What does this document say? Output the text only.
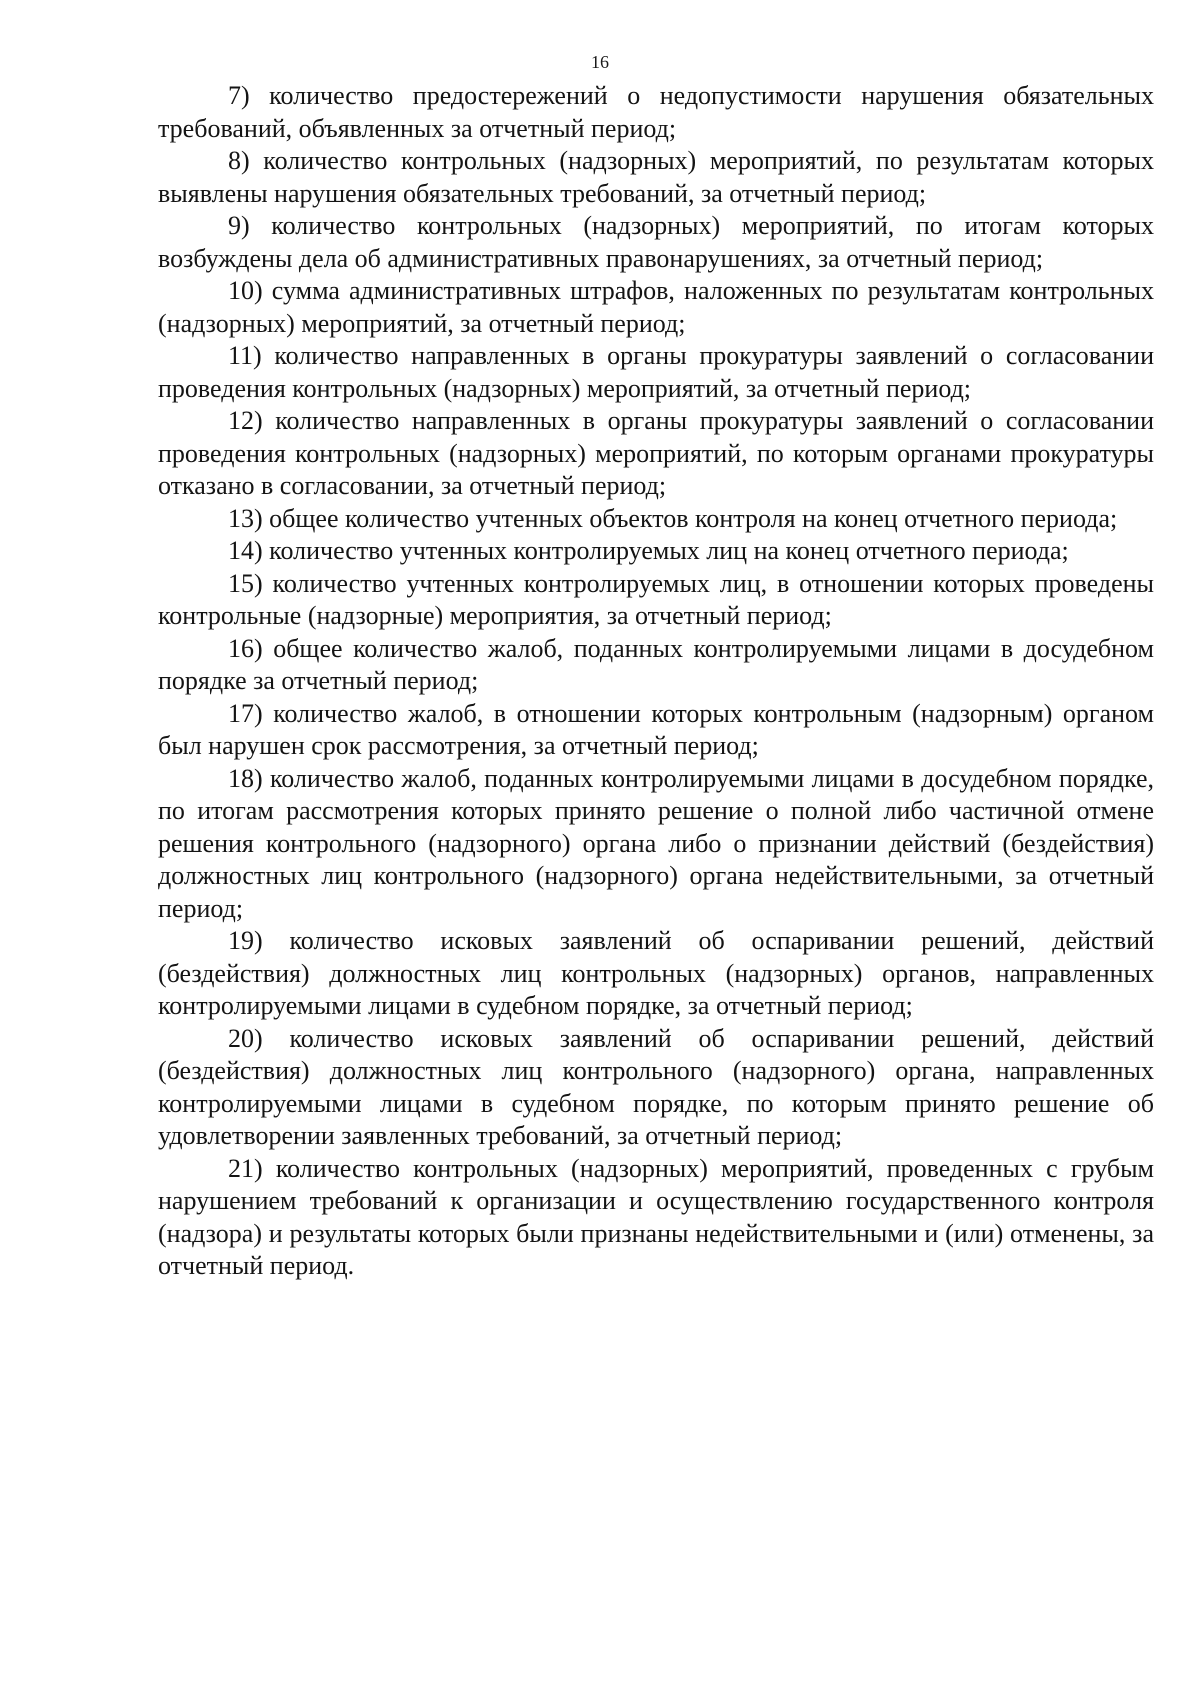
16

7) количество предостережений о недопустимости нарушения обязательных требований, объявленных за отчетный период;

8) количество контрольных (надзорных) мероприятий, по результатам которых выявлены нарушения обязательных требований, за отчетный период;

9) количество контрольных (надзорных) мероприятий, по итогам которых возбуждены дела об административных правонарушениях, за отчетный период;

10) сумма административных штрафов, наложенных по результатам контрольных (надзорных) мероприятий, за отчетный период;

11) количество направленных в органы прокуратуры заявлений о согласовании проведения контрольных (надзорных) мероприятий, за отчетный период;

12) количество направленных в органы прокуратуры заявлений о согласовании проведения контрольных (надзорных) мероприятий, по которым органами прокуратуры отказано в согласовании, за отчетный период;

13) общее количество учтенных объектов контроля на конец отчетного периода;

14) количество учтенных контролируемых лиц на конец отчетного периода;

15) количество учтенных контролируемых лиц, в отношении которых проведены контрольные (надзорные) мероприятия, за отчетный период;

16) общее количество жалоб, поданных контролируемыми лицами в досудебном порядке за отчетный период;

17) количество жалоб, в отношении которых контрольным (надзорным) органом был нарушен срок рассмотрения, за отчетный период;

18) количество жалоб, поданных контролируемыми лицами в досудебном порядке, по итогам рассмотрения которых принято решение о полной либо частичной отмене решения контрольного (надзорного) органа либо о признании действий (бездействия) должностных лиц контрольного (надзорного) органа недействительными, за отчетный период;

19) количество исковых заявлений об оспаривании решений, действий (бездействия) должностных лиц контрольных (надзорных) органов, направленных контролируемыми лицами в судебном порядке, за отчетный период;

20) количество исковых заявлений об оспаривании решений, действий (бездействия) должностных лиц контрольного (надзорного) органа, направленных контролируемыми лицами в судебном порядке, по которым принято решение об удовлетворении заявленных требований, за отчетный период;

21) количество контрольных (надзорных) мероприятий, проведенных с грубым нарушением требований к организации и осуществлению государственного контроля (надзора) и результаты которых были признаны недействительными и (или) отменены, за отчетный период.
